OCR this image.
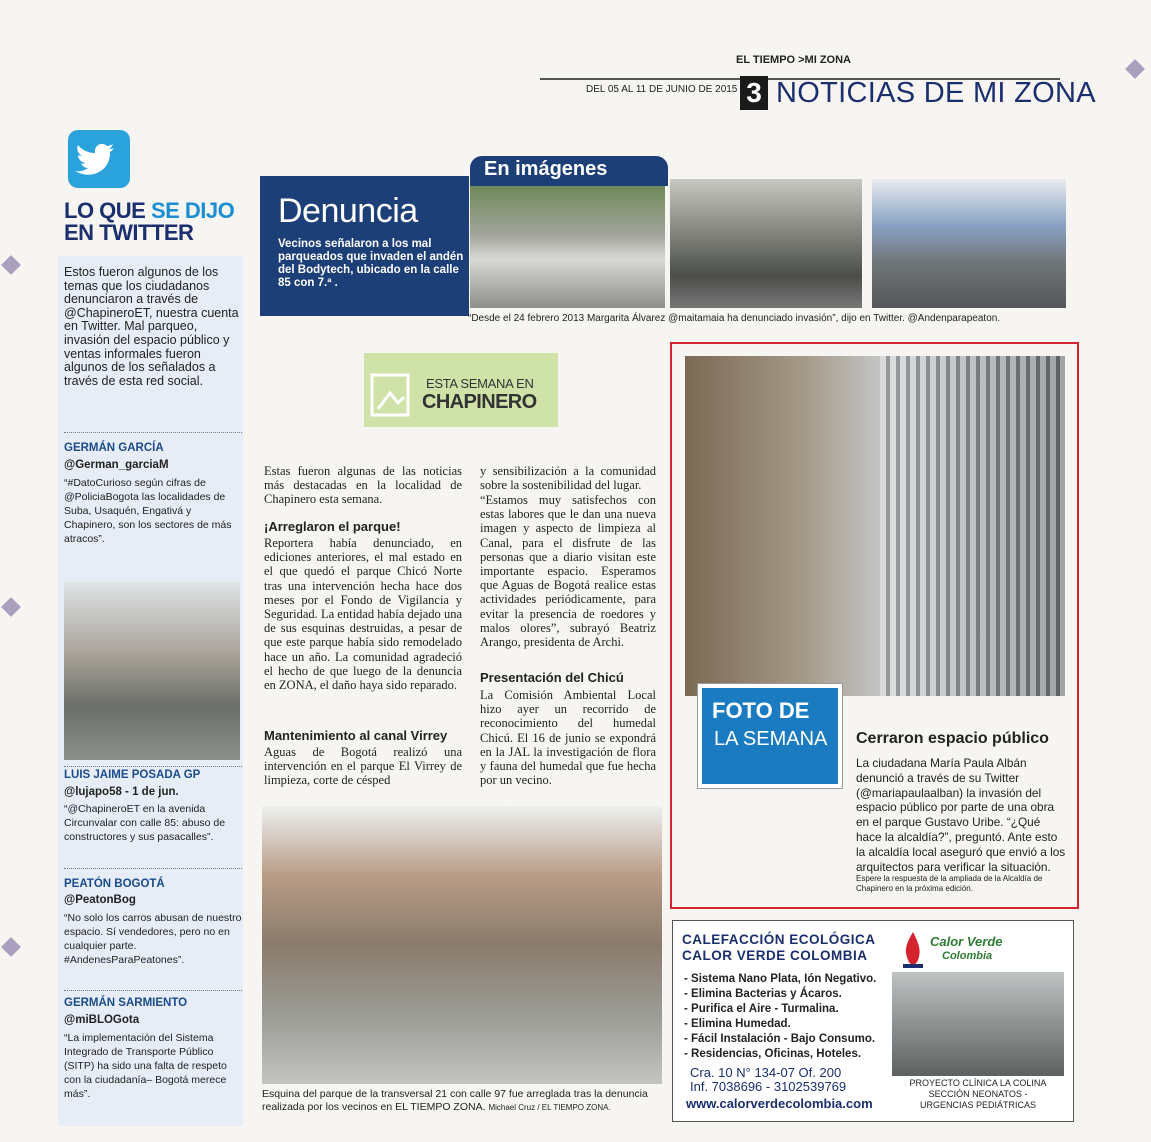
EL TIEMPO >MI ZONA
DEL 05 AL 11 DE JUNIO DE 2015 3 NOTICIAS DE MI ZONA
LO QUE SE DIJO
EN TWITTER
Estos fueron algunos de los temas que los ciudadanos denunciaron a través de @ChapineroET, nuestra cuenta en Twitter. Mal parqueo, invasión del espacio público y ventas informales fueron algunos de los señalados a través de esta red social.
GERMÁN GARCÍA
@German_garciaM
“#DatoCurioso según cifras de @PoliciaBogota las localidades de Suba, Usaquén, Engativá y Chapinero, son los sectores de más atracos”.
LUIS JAIME POSADA GP
@lujapo58 - 1 de jun.
“@ChapineroET en la avenida Circunvalar con calle 85: abuso de constructores y sus pasacalles”.
PEATÓN BOGOTÁ
@PeatonBog
“No solo los carros abusan de nuestro espacio. Sí vendedores, pero no en cualquier parte. #AndenesParaPeatones”.
GERMÁN SARMIENTO
@miBLOGota
“La implementación del Sistema Integrado de Transporte Público (SITP) ha sido una falta de respeto con la ciudadanía– Bogotá merece más”.
Denuncia
Vecinos señalaron a los mal parqueados que invaden el andén del Bodytech, ubicado en la calle 85 con 7.ª .
En imágenes
“Desde el 24 febrero 2013 Margarita Álvarez @maitamaia ha denunciado invasión”, dijo en Twitter. @Andenparapeaton.
ESTA SEMANA EN
CHAPINERO
Estas fueron algunas de las noticias más destacadas en la localidad de Chapinero esta semana.
¡Arreglaron el parque!
Reportera había denunciado, en ediciones anteriores, el mal estado en el que quedó el parque Chicó Norte tras una intervención hecha hace dos meses por el Fondo de Vigilancia y Seguridad. La entidad había dejado una de sus esquinas destruidas, a pesar de que este parque había sido remodelado hace un año. La comunidad agradeció el hecho de que luego de la denuncia en ZONA, el daño haya sido reparado.
Mantenimiento al canal Virrey
Aguas de Bogotá realizó una intervención en el parque El Virrey de limpieza, corte de césped
y sensibilización a la comunidad sobre la sostenibilidad del lugar.
“Estamos muy satisfechos con estas labores que le dan una nueva imagen y aspecto de limpieza al Canal, para el disfrute de las personas que a diario visitan este importante espacio. Esperamos que Aguas de Bogotá realice estas actividades periódicamente, para evitar la presencia de roedores y malos olores”, subrayó Beatriz Arango, presidenta de Archi.
Presentación del Chicú
La Comisión Ambiental Local hizo ayer un recorrido de reconocimiento del humedal Chicú. El 16 de junio se expondrá en la JAL la investigación de flora y fauna del humedal que fue hecha por un vecino.
Esquina del parque de la transversal 21 con calle 97 fue arreglada tras la denuncia realizada por los vecinos en EL TIEMPO ZONA. Michael Cruz / EL TIEMPO ZONA.
FOTO DE
LA SEMANA Cerraron espacio público
La ciudadana María Paula Albán denunció a través de su Twitter (@mariapaulaalban) la invasión del espacio público por parte de una obra en el parque Gustavo Uribe. “¿Qué hace la alcaldía?”, preguntó. Ante esto la alcaldía local aseguró que envió a los arquitectos para verificar la situación.
Espere la respuesta de la ampliada de la Alcaldía de Chapinero en la próxima edición.
CALEFACCIÓN ECOLÓGICA
CALOR VERDE COLOMBIA
Calor Verde
Colombia
- Sistema Nano Plata, Ión Negativo.
- Elimina Bacterias y Ácaros.
- Purifica el Aire - Turmalina.
- Elimina Humedad.
- Fácil Instalación - Bajo Consumo.
- Residencias, Oficinas, Hoteles.
Cra. 10 N° 134-07 Of. 200
Inf. 7038696 - 3102539769
www.calorverdecolombia.com
PROYECTO CLÍNICA LA COLINA
SECCIÓN NEONATOS -
URGENCIAS PEDIÁTRICAS
